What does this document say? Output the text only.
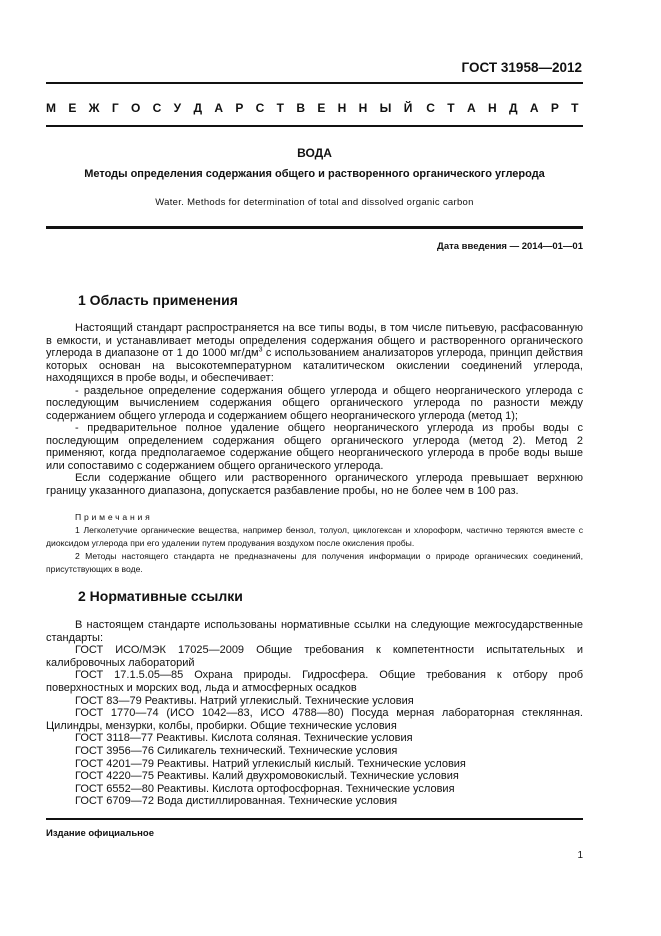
ГОСТ 31958—2012
М Е Ж Г О С У Д А Р С Т В Е Н Н Ы Й С Т А Н Д А Р Т
ВОДА
Методы определения содержания общего и растворенного органического углерода
Water. Methods for determination of total and dissolved organic carbon
Дата введения — 2014—01—01
1 Область применения

Настоящий стандарт распространяется на все типы воды, в том числе питьевую, расфасованную в емкости, и устанавливает методы определения содержания общего и растворенного органического углерода в диапазоне от 1 до 1000 $мг/дм^3$ с использованием анализаторов углерода, принцип действия которых основан на высокотемпературном каталитическом окислении соединений углерода, находящихся в пробе воды, и обеспечивает:

- раздельное определение содержания общего углерода и общего неорганического углерода с последующим вычислением содержания общего органического углерода по разности между содержанием общего углерода и содержанием общего неорганического углерода (метод 1);

- предварительное полное удаление общего неорганического углерода из пробы воды с последующим определением содержания общего органического углерода (метод 2). Метод 2 применяют, когда предполагаемое содержание общего неорганического углерода в пробе воды выше или сопоставимо с содержанием общего органического углерода.

Если содержание общего или растворенного органического углерода превышает верхнюю границу указанного диапазона, допускается разбавление пробы, но не более чем в 100 раз.

Примечания

1 Легколетучие органические вещества, например бензол, толуол, циклогексан и хлороформ, частично теряются вместе с диоксидом углерода при его удалении путем продувания воздухом после окисления пробы.

2 Методы настоящего стандарта не предназначены для получения информации о природе органических соединений, присутствующих в воде.

2 Нормативные ссылки

В настоящем стандарте использованы нормативные ссылки на следующие межгосударственные стандарты:

ГОСТ ИСО/МЭК 17025—2009 Общие требования к компетентности испытательных и калибровочных лабораторий

ГОСТ 17.1.5.05—85 Охрана природы. Гидросфера. Общие требования к отбору проб поверхностных и морских вод, льда и атмосферных осадков

ГОСТ 83—79 Реактивы. Натрий углекислый. Технические условия

ГОСТ 1770—74 (ИСО 1042—83, ИСО 4788—80) Посуда мерная лабораторная стеклянная. Цилиндры, мензурки, колбы, пробирки. Общие технические условия

ГОСТ 3118—77 Реактивы. Кислота соляная. Технические условия

ГОСТ 3956—76 Силикагель технический. Технические условия

ГОСТ 4201—79 Реактивы. Натрий углекислый кислый. Технические условия

ГОСТ 4220—75 Реактивы. Калий двухромовокислый. Технические условия

ГОСТ 6552—80 Реактивы. Кислота ортофосфорная. Технические условия

ГОСТ 6709—72 Вода дистиллированная. Технические условия

Издание официальное
1
